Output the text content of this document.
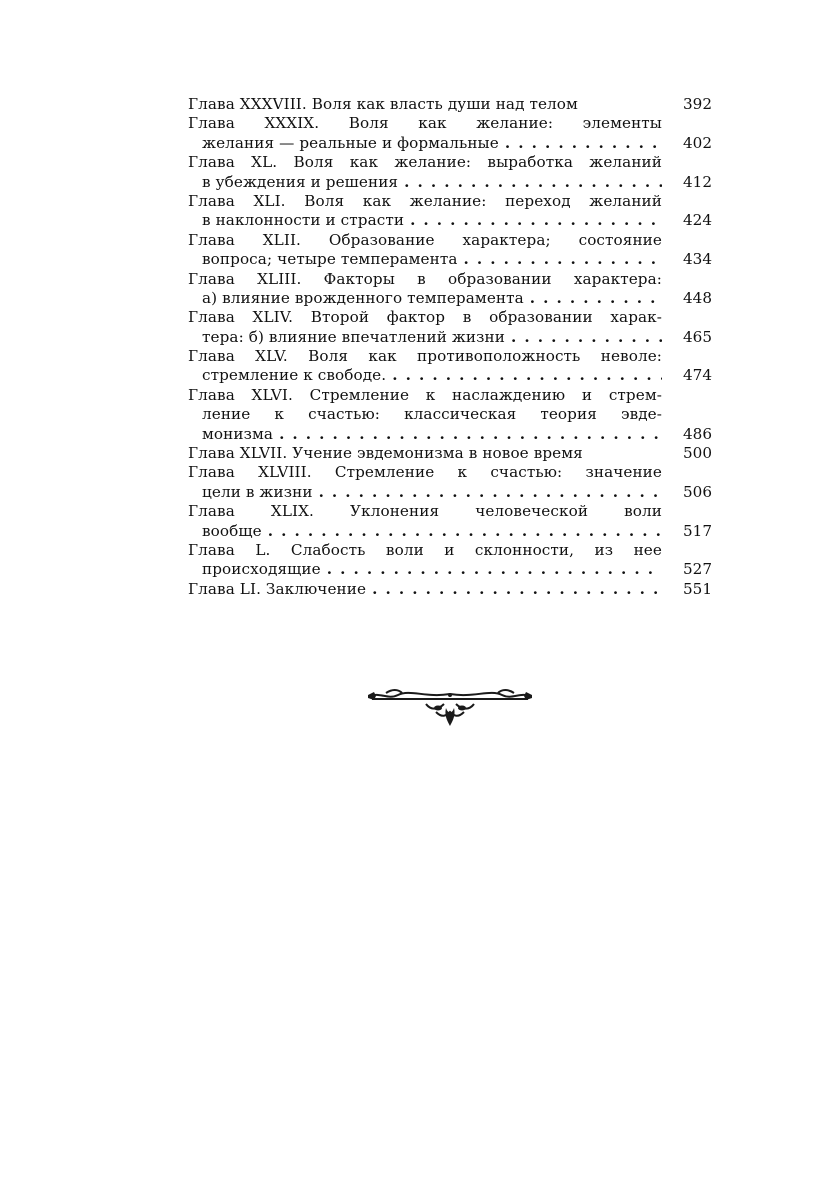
Глава XXXVIII. Воля как власть души над телом	392
Глава XXXIX. Воля как желание: элементы
желания — реальные и формальные . . .	402
Глава XL. Воля как желание: выработка желаний
в убеждения и решения . . .	412
Глава XLI. Воля как желание: переход желаний
в наклонности и страсти . . .	424
Глава XLII. Образование характера; состояние
вопроса; четыре темперамента . . .	434
Глава XLIII. Факторы в образовании характера:
а) влияние врожденного темперамента . . .	448
Глава XLIV. Второй фактор в образовании харак-
тера: б) влияние впечатлений жизни . . .	465
Глава XLV. Воля как противоположность неволе:
стремление к свободе. . . .	474
Глава XLVI. Стремление к наслаждению и стрем-
ление к счастью: классическая теория эвде-
монизма . . .	486
Глава XLVII. Учение эвдемонизма в новое время	500
Глава XLVIII. Стремление к счастью: значение
цели в жизни . . .	506
Глава XLIX. Уклонения человеческой воли
вообще . . .	517
Глава L. Слабость воли и склонности, из нее
происходящие . . .	527
Глава LI. Заключение . . .	551
